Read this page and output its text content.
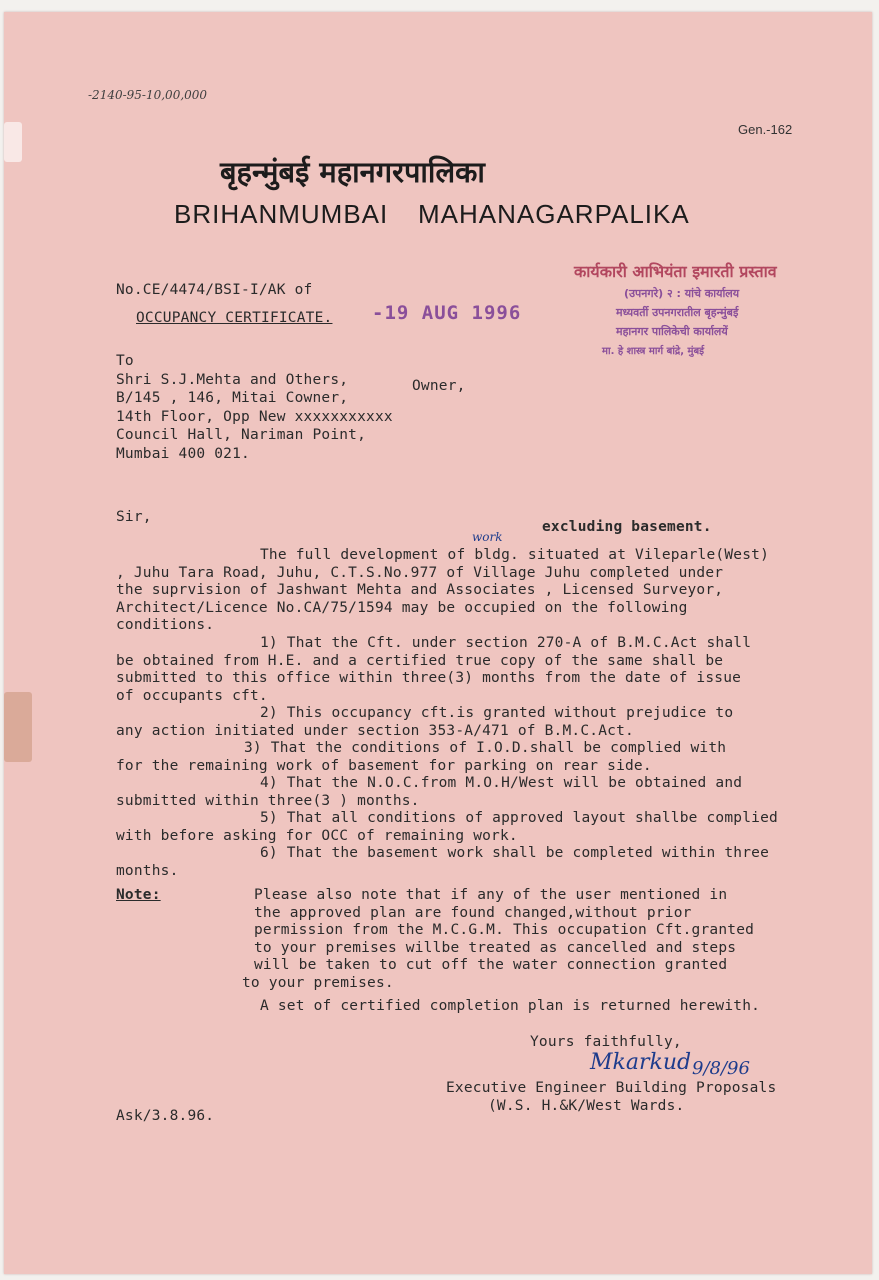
-2140-95-10,00,000
Gen.-162
बृहन्मुंबई महानगरपालिका
BRIHANMUMBAI MAHANAGARPALIKA
कार्यकारी आभियंता इमारती प्रस्ताव
(उपनगरे) २ : यांचे कार्यालय
मध्यवर्ती उपनगरातील बृहन्मुंबई
महानगर पालिकेची कार्यालयें
मा. हे शास्त्र मार्ग बांद्रे, मुंबई
No.CE/4474/BSI-I/AK of
OCCUPANCY CERTIFICATE. -19 AUG 1996
To
Shri S.J.Mehta and Others,
B/145 , 146, Mitai Cowner,
14th Floor, Opp New xxxxxxxxxxx
Council Hall, Nariman Point,
Mumbai 400 021.
Owner,
Sir,
excluding basement.
work
The full development of bldg. situated at Vileparle(West)
, Juhu Tara Road, Juhu, C.T.S.No.977 of Village Juhu completed under
the suprvision of Jashwant Mehta and Associates , Licensed Surveyor,
Architect/Licence No.CA/75/1594 may be occupied on the following
conditions.
1) That the Cft. under section 270-A of B.M.C.Act shall
be obtained from H.E. and a certified true copy of the same shall be
submitted to this office within three(3) months from the date of issue
of occupants cft.
2) This occupancy cft.is granted without prejudice to
any action initiated under section 353-A/471 of B.M.C.Act.
3) That the conditions of I.O.D.shall be complied with
for the remaining work of basement for parking on rear side.
4) That the N.O.C.from M.O.H/West will be obtained and
submitted within three(3 ) months.
5) That all conditions of approved layout shallbe complied
with before asking for OCC of remaining work.
6) That the basement work shall be completed within three
months.
Note:	Please also note that if any of the user mentioned in
the approved plan are found changed,without prior
permission from the M.C.G.M. This occupation Cft.granted
to your premises willbe treated as cancelled and steps
will be taken to cut off the water connection granted
to your premises.
A set of certified completion plan is returned herewith.
Yours faithfully,
Mkarkud 9/8/96
Executive Engineer Building Proposals
(W.S. H.&K/West Wards.
Ask/3.8.96.
